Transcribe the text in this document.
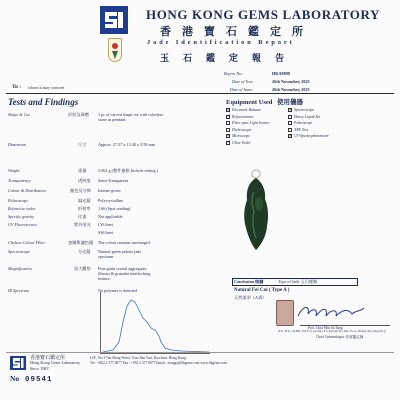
HONG KONG GEMS LABORATORY
香港寶石鑑定所
Jade Identification Report
玉石鑑定報告
Report No.:	HKA9898
Date of Test:	26th November, 2023
Date of Issue:	26th November, 2023
To : whom it may concern
Tests and Findings	Equipment Used 使用儀器
✓
Electronic Balance ✓	Spectroscope
✓
Refractometer	Heavy Liquid Set
Fiber optic Light Source	Polariscope
Dichroscope	XRF Test
✓
Microscope ✓	UV-Spectrophotometer
✓
Ultra-Violet
Shape & Cut	形狀及琢磨 1 pc of carved shape cut with colorless stone in pendant
Dimension	尺寸	Approx. 27.57 x 13.40 x 5.58 mm
Weight	重量	3.962 g (整件連框 Include setting.)
Transparency	透明度 Semi-Transparent
Colour & Distribution	顏色及分佈 Intense green
Polariscope	偏光鏡 Polycrystalline
Refractive index	折射率 1.66 (Spot reading)
Specific gravity	比重	Not applicable
UV Fluorescence	紫外熒光 LW:Inert
SW:Inert
Chelsea Colour Filter	查爾斯濾色鏡 The colour remains unchanged.
Spectroscope	分光鏡 Natural green jadeite jade spectrum.
Magnification	放大觀察 Fine grain crystal aggregates, fibrous & granular interlocking texture.
IR Spectrum	No polymer is detected
Conclusion 結論	Type of Jade 玉石種類
Natural Fei Cui ( Type A )
天然翡翠（A貨）
Prof. Chiu Min Su Yang
(F.G., B.Sc., M.Phil., P.G.E, G.G.(GIA), F.G.A.(GAGTL), Dip. F.G.A. (Swiss), Rsp. Dip.(S.E.))
Chief Gemmologist 首席鑑定師
香港寶石鑑定所
Hong Kong Gems Laboratory
Since 1983
G/F., No.1 Tak Shing Street, Tsim Sha Tsui, Kowloon, Hong Kong
Tel : +852 2 377 0077 Fax : +852 2 377 0077 Email : eyupgs@hkgems.com www.hkgems.com
No 09541
